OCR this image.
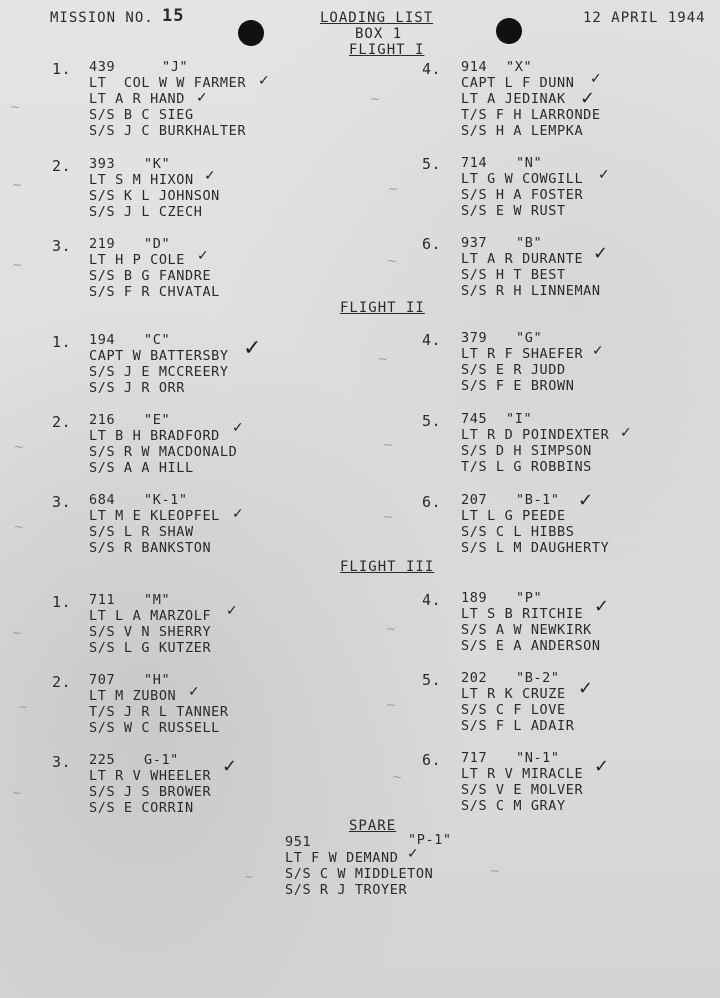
MISSION NO. 15	LOADING LIST
BOX 1
12 APRIL 1944
FLIGHT I
1. 439	"J"
LT  COL W W FARMER
LT A R HAND
S/S B C SIEG
S/S J C BURKHALTER
2. 393 "K"
LT S M HIXON
S/S K L JOHNSON
S/S J L CZECH
3. 219 "D"
LT H P COLE
S/S B G FANDRE
S/S F R CHVATAL
4. 914 "X"
CAPT L F DUNN
LT A JEDINAK
T/S F H LARRONDE
S/S H A LEMPKA
5. 714 "N"
LT G W COWGILL
S/S H A FOSTER
S/S E W RUST
6. 937 "B"
LT A R DURANTE
S/S H T BEST
S/S R H LINNEMAN
FLIGHT II
1. 194 "C"
CAPT W BATTERSBY
S/S J E MCCREERY
S/S J R ORR
2. 216 "E"
LT B H BRADFORD
S/S R W MACDONALD
S/S A A HILL
3. 684 "K-1"
LT M E KLEOPFEL
S/S L R SHAW
S/S R BANKSTON
4. 379 "G"
LT R F SHAEFER
S/S E R JUDD
S/S F E BROWN
5. 745 "I"
LT R D POINDEXTER
S/S D H SIMPSON
T/S L G ROBBINS
6. 207 "B-1"
LT L G PEEDE
S/S C L HIBBS
S/S L M DAUGHERTY
FLIGHT III
1. 711 "M"
LT L A MARZOLF
S/S V N SHERRY
S/S L G KUTZER
2. 707 "H"
LT M ZUBON
T/S J R L TANNER
S/S W C RUSSELL
3. 225 G-1"
LT R V WHEELER
S/S J S BROWER
S/S E CORRIN
4. 189 "P"
LT S B RITCHIE
S/S A W NEWKIRK
S/S E A ANDERSON
5. 202 "B-2"
LT R K CRUZE
S/S C F LOVE
S/S F L ADAIR
6. 717 "N-1"
LT R V MIRACLE
S/S V E MOLVER
S/S C M GRAY
SPARE
951	"P-1"
LT F W DEMAND
S/S C W MIDDLETON
S/S R J TROYER
✓
✓
✓
✓
✓
✓
✓
✓
✓	✓
✓	✓
✓
✓
✓	✓
✓	✓
✓	✓
✓
~
~
~	~
~	~
~
~	~
~
~
~	~
~	~
~
~
~	~
